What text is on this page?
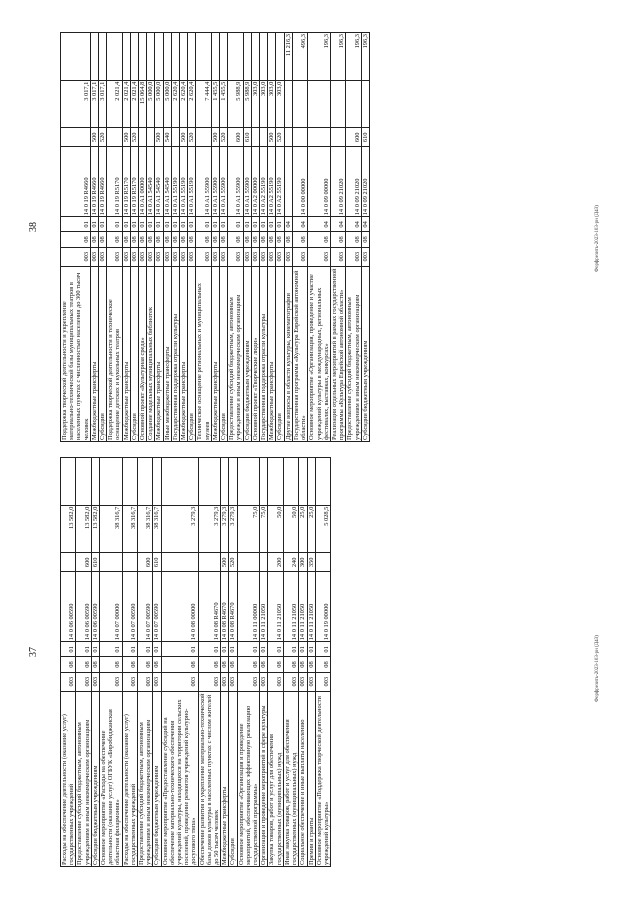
37
38
Расходы на обеспечение деятельности (оказание услуг) государственных учреждений	003	08	01	14 0 06 00590		13 582,0	
Предоставление субсидий бюджетным, автономным учреждениям и иным некоммерческим организациям	003	08	01	14 0 06 00590	600	13 582,0	
Субсидии бюджетным учреждениям	003	08	01	14 0 06 00590	610	13 582,0	
Основное мероприятие «Расходы на обеспечение деятельности (оказание услуг) ОГБУК «Биробиджанская областная филармония»	003	08	01	14 0 07 00000		38 316,7	
Расходы на обеспечение деятельности (оказание услуг) государственных учреждений	003	08	01	14 0 07 00590		38 316,7	
Предоставление субсидий бюджетным, автономным учреждениям и иным некоммерческим организациям	003	08	01	14 0 07 00590	600	38 316,7	
Субсидии бюджетным учреждениям	003	08	01	14 0 07 00590	610	38 316,7	
Основное мероприятие «Предоставление субсидий на обеспечение материально-технического обеспечения учреждений культуры, находящихся на территории сельских поселений, проведение ремонтов учреждений культурно-досугового типа»	003	08	01	14 0 08 00000		3 279,3	
Обеспечение развития и укрепление материально-технической базы домов культуры в населенных пунктах с числом жителей до 50 тысяч человек	003	08	01	14 0 08 R4670		3 279,3	
Межбюджетные трансферты	003	08	01	14 0 08 R4670	500	3 279,3	
Субсидии	003	08	01	14 0 08 R4670	520	3 279,3	
Основное мероприятие «Организация и проведение мероприятий, обеспечивающих эффективную реализацию государственной программы»	003	08	01	14 0 11 00000		75,0	
Организация и проведение мероприятий в сфере культуры	003	08	01	14 0 11 21050		75,0	
Закупка товаров, работ и услуг для обеспечения государственных (муниципальных) нужд	003	08	01	14 0 11 21050	200	50,0	
Иная закупка товаров, работ и услуг для обеспечения государственных (муниципальных) нужд	003	08	01	14 0 11 21050	240	50,0	
Социальное обеспечение и иные выплаты населению	003	08	01	14 0 11 21050	300	25,0	
Премии и гранты	003	08	01	14 0 11 21050	350	25,0	
Основное мероприятие «Поддержка творческой деятельности учреждений культуры»	003	08	01	14 0 19 00000		5 028,5	
Поддержка творческой деятельности и укрепление материально-технической базы муниципальных театров в населенных пунктах с численностью населения до 300 тысяч человек	003	08	01	14 0 19 R4660		3 017,1	
Межбюджетные трансферты	003	08	01	14 0 19 R4660	500	3 017,1	
Субсидии	003	08	01	14 0 19 R4660	520	3 017,1	
Поддержка творческой деятельности и техническое оснащение детских и кукольных театров	003	08	01	14 0 19 R5170		2 021,4	
Межбюджетные трансферты	003	08	01	14 0 19 R5170	500	2 021,4	
Субсидии	003	08	01	14 0 19 R5170	520	2 021,4	
Основной проект «Культурная среда»	003	08	01	14 0 A1 00000		15 064,8	
Создание модельных муниципальных библиотек	003	08	01	14 0 A1 54540		5 000,0	
Межбюджетные трансферты	003	08	01	14 0 A1 54540	500	5 000,0	
Иные межбюджетные трансферты	003	08	01	14 0 A1 54540	540	5 000,0	
Государственная поддержка отрасли культуры	003	08	01	14 0 A1 55190		2 620,4	
Межбюджетные трансферты	003	08	01	14 0 A1 55190	500	2 620,4	
Субсидии	003	08	01	14 0 A1 55190	520	2 620,4	
Техническое оснащение региональных и муниципальных музеев	003	08	01	14 0 A1 55900		7 444,4	
Межбюджетные трансферты	003	08	01	14 0 A1 55900	500	1 455,5	
Субсидии	003	08	01	14 0 A1 55900	520	1 455,5	
Предоставление субсидий бюджетным, автономным учреждениям и иным некоммерческим организациям	003	08	01	14 0 A1 55900	600	5 988,9	
Субсидии бюджетным учреждениям	003	08	01	14 0 A1 55900	610	5 988,9	
Основной проект «Творческие люди»	003	08	01	14 0 A2 00000		303,0	
Государственная поддержка отрасли культуры	003	08	01	14 0 A2 55190		303,0	
Межбюджетные трансферты	003	08	01	14 0 A2 55190	500	303,0	
Субсидии	003	08	01	14 0 A2 55190	520	303,0	
Другие вопросы в области культуры, кинематографии	003	08	04				11 216,3
Государственная программа «Культура Еврейской автономной области»	003	08	04	14 0 00 00000			496,3
Основное мероприятие «Организация, проведение и участие учреждений культуры в международных, региональных фестивалях, выставках, конкурсах»	003	08	04	14 0 09 00000			196,3
Реализация отдельных мероприятий в рамках государственной программы «Культура Еврейской автономной области»	003	08	04	14 0 09 21020			196,3
Предоставление субсидий бюджетным, автономным учреждениям и иным некоммерческим организациям	003	08	04	14 0 09 21020	600		196,3
Субсидии бюджетным учреждениям	003	08	04	14 0 09 21020	610		196,3
Форфрезить-2023-103-рн (Д43)
Форфрезить-2023-103-рн (Д43)
